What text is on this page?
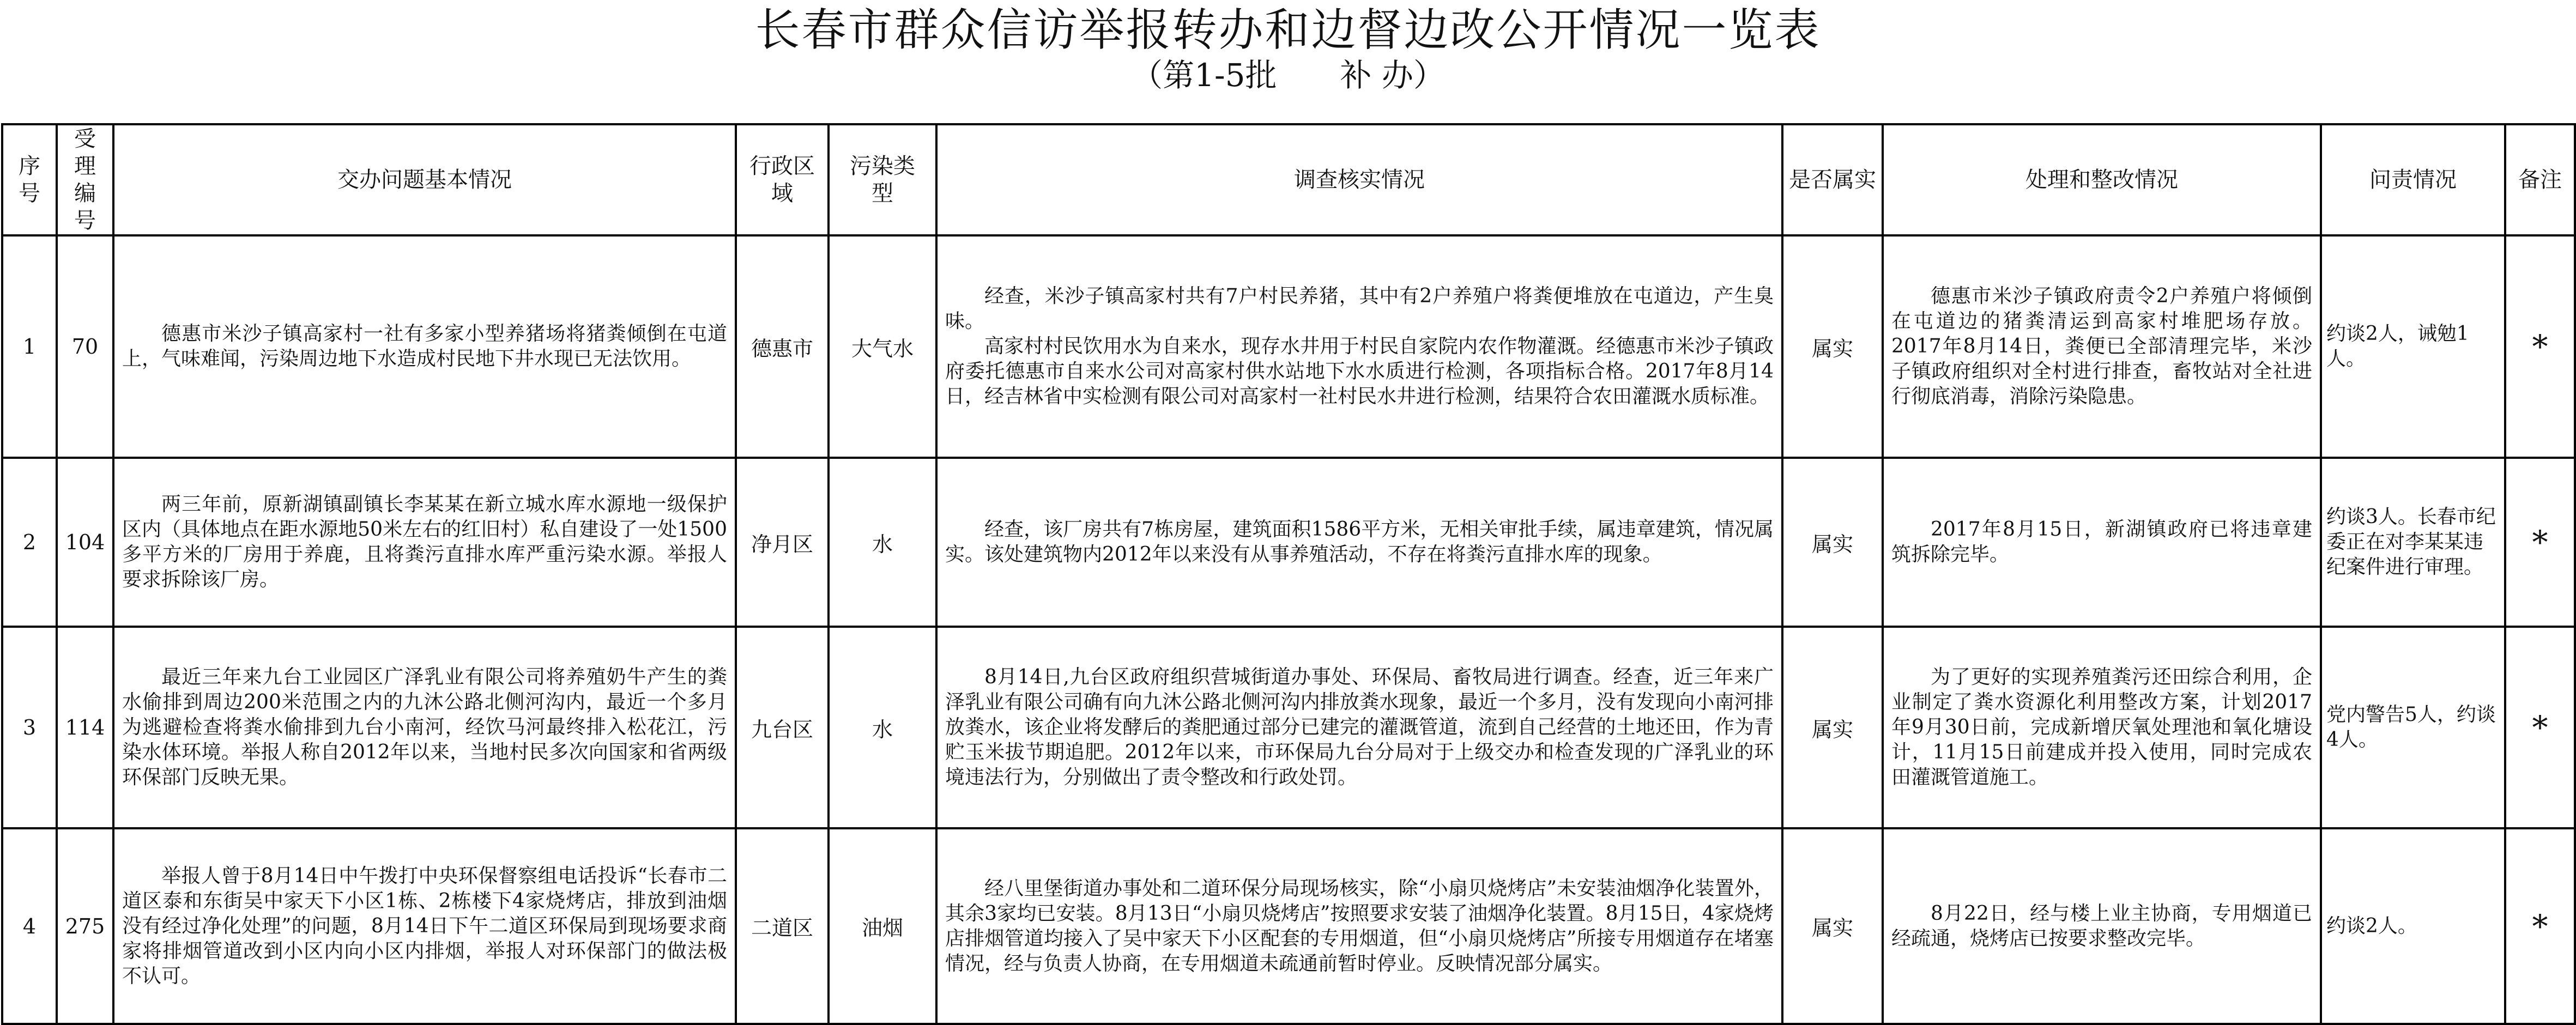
长春市群众信访举报转办和边督边改公开情况一览表
（第1-5批　　补 办）
序号	受理编号	交办问题基本情况	行政区域	污染类型	调查核实情况	是否属实	处理和整改情况	问责情况	备注
1	70	德惠市米沙子镇高家村一社有多家小型养猪场将猪粪倾倒在屯道上，气味难闻，污染周边地下水造成村民地下井水现已无法饮用。	德惠市	大气水	经查，米沙子镇高家村共有7户村民养猪，其中有2户养殖户将粪便堆放在屯道边，产生臭味。

高家村村民饮用水为自来水，现存水井用于村民自家院内农作物灌溉。经德惠市米沙子镇政府委托德惠市自来水公司对高家村供水站地下水水质进行检测，各项指标合格。2017年8月14日，经吉林省中实检测有限公司对高家村一社村民水井进行检测，结果符合农田灌溉水质标准。	属实	德惠市米沙子镇政府责令2户养殖户将倾倒在屯道边的猪粪清运到高家村堆肥场存放。2017年8月14日，粪便已全部清理完毕，米沙子镇政府组织对全村进行排查，畜牧站对全社进行彻底消毒，消除污染隐患。	约谈2人，诫勉1人。	*
2	104	两三年前，原新湖镇副镇长李某某在新立城水库水源地一级保护区内（具体地点在距水源地50米左右的红旧村）私自建设了一处1500多平方米的厂房用于养鹿，且将粪污直排水库严重污染水源。举报人要求拆除该厂房。	净月区	水	经查，该厂房共有7栋房屋，建筑面积1586平方米，无相关审批手续，属违章建筑，情况属实。该处建筑物内2012年以来没有从事养殖活动，不存在将粪污直排水库的现象。	属实	2017年8月15日，新湖镇政府已将违章建筑拆除完毕。	约谈3人。长春市纪委正在对李某某违纪案件进行审理。	*
3	114	最近三年来九台工业园区广泽乳业有限公司将养殖奶牛产生的粪水偷排到周边200米范围之内的九沐公路北侧河沟内，最近一个多月为逃避检查将粪水偷排到九台小南河，经饮马河最终排入松花江，污染水体环境。举报人称自2012年以来，当地村民多次向国家和省两级环保部门反映无果。	九台区	水	8月14日,九台区政府组织营城街道办事处、环保局、畜牧局进行调查。经查，近三年来广泽乳业有限公司确有向九沐公路北侧河沟内排放粪水现象，最近一个多月，没有发现向小南河排放粪水，该企业将发酵后的粪肥通过部分已建完的灌溉管道，流到自己经营的土地还田，作为青贮玉米拔节期追肥。2012年以来，市环保局九台分局对于上级交办和检查发现的广泽乳业的环境违法行为，分别做出了责令整改和行政处罚。	属实	为了更好的实现养殖粪污还田综合利用，企业制定了粪水资源化利用整改方案，计划2017年9月30日前，完成新增厌氧处理池和氧化塘设计，11月15日前建成并投入使用，同时完成农田灌溉管道施工。	党内警告5人，约谈4人。	*
4	275	举报人曾于8月14日中午拨打中央环保督察组电话投诉“长春市二道区泰和东街吴中家天下小区1栋、2栋楼下4家烧烤店，排放到油烟没有经过净化处理”的问题，8月14日下午二道区环保局到现场要求商家将排烟管道改到小区内向小区内排烟，举报人对环保部门的做法极不认可。	二道区	油烟	经八里堡街道办事处和二道环保分局现场核实，除“小扇贝烧烤店”未安装油烟净化装置外，其余3家均已安装。8月13日“小扇贝烧烤店”按照要求安装了油烟净化装置。8月15日，4家烧烤店排烟管道均接入了吴中家天下小区配套的专用烟道，但“小扇贝烧烤店”所接专用烟道存在堵塞情况，经与负责人协商，在专用烟道未疏通前暂时停业。反映情况部分属实。	属实	8月22日，经与楼上业主协商，专用烟道已经疏通，烧烤店已按要求整改完毕。	约谈2人。	*
